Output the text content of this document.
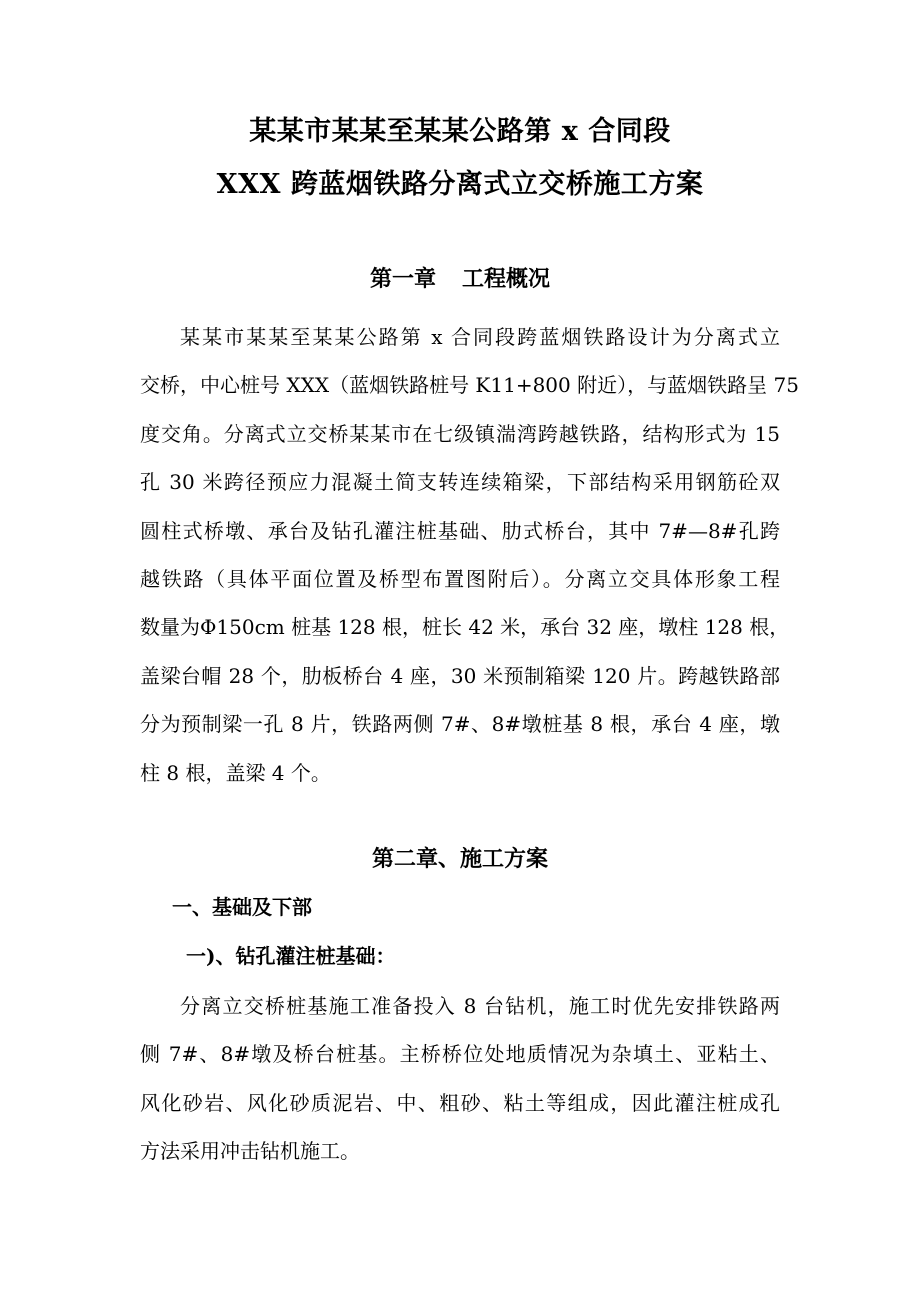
某某市某某至某某公路第 x 合同段
XXX 跨蓝烟铁路分离式立交桥施工方案
第一章 工程概况
某某市某某至某某公路第 x 合同段跨蓝烟铁路设计为分离式立
交桥，中心桩号 XXX（蓝烟铁路桩号 K11+800 附近），与蓝烟铁路呈 75
度交角。分离式立交桥某某市在七级镇湍湾跨越铁路，结构形式为 15
孔 30 米跨径预应力混凝土简支转连续箱梁，下部结构采用钢筋砼双
圆柱式桥墩、承台及钻孔灌注桩基础、肋式桥台，其中 7#—8#孔跨
越铁路（具体平面位置及桥型布置图附后）。分离立交具体形象工程
数量为Φ150cm 桩基 128 根，桩长 42 米，承台 32 座，墩柱 128 根，
盖梁台帽 28 个，肋板桥台 4 座，30 米预制箱梁 120 片。跨越铁路部
分为预制梁一孔 8 片，铁路两侧 7#、8#墩桩基 8 根，承台 4 座，墩
柱 8 根，盖梁 4 个。
第二章、施工方案
一、基础及下部
一)、钻孔灌注桩基础：
分离立交桥桩基施工准备投入 8 台钻机，施工时优先安排铁路两
侧 7#、8#墩及桥台桩基。主桥桥位处地质情况为杂填土、亚粘土、
风化砂岩、风化砂质泥岩、中、粗砂、粘土等组成，因此灌注桩成孔
方法采用冲击钻机施工。
